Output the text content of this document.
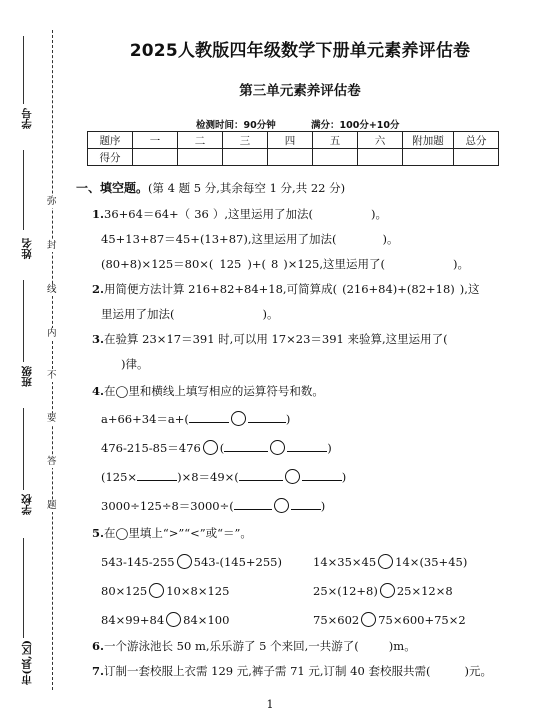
弥
封
线
内
不
要
答
题
学号
姓名
班级
学校
市(县,区)
2025人教版四年级数学下册单元素养评估卷
第三单元素养评估卷
检测时间：90分钟	满分：100分+10分
题序	一	二	三	四	五	六	附加题	总分
得分								
一、填空题。(第 4 题 5 分,其余每空 1 分,共 22 分)
1.36+64＝64+（ 36 ）,这里运用了加法(	)。
45+13+87＝45+(13+87),这里运用了加法(	)。
(80+8)×125＝80×( 125 )+( 8 )×125,这里运用了(	)。
2.用简便方法计算 216+82+84+18,可简算成( (216+84)+(82+18) ),这
里运用了加法(	)。
3.在验算 23×17＝391 时,可以用 17×23＝391 来验算,这里运用了(
)律。
4.在◯里和横线上填写相应的运算符号和数。
a+66+34＝a+(	)
476-215-85＝476 (	)
(125×	)×8＝49×(	)
3000÷125÷8＝3000÷(	)
5.在◯里填上“>”“<”或“＝”。
543-145-255 543-(145+255)	14×35×45 14×(35+45)
80×125 10×8×125	25×(12+8) 25×12×8
84×99+84 84×100	75×602 75×600+75×2
6.一个游泳池长 50 m,乐乐游了 5 个来回,一共游了(	)m。
7.订制一套校服上衣需 129 元,裤子需 71 元,订制 40 套校服共需(	)元。
1
